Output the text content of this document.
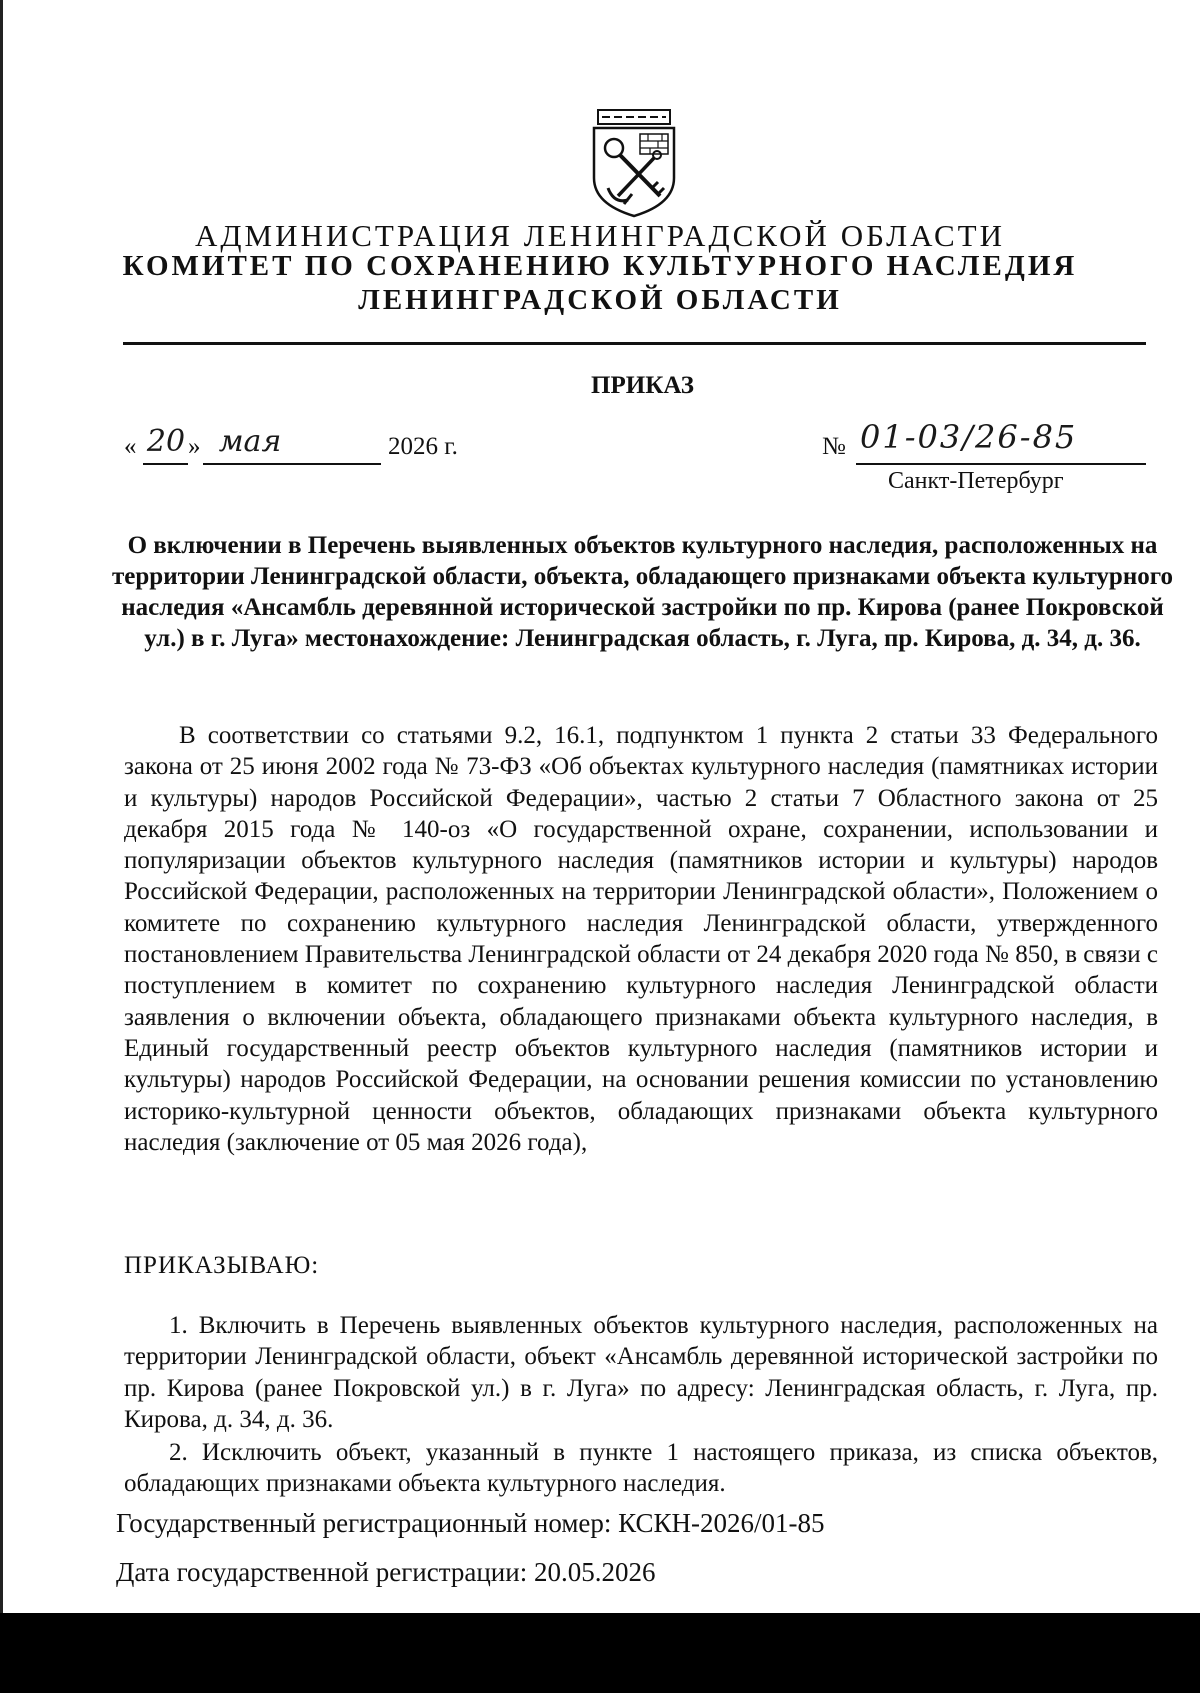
АДМИНИСТРАЦИЯ ЛЕНИНГРАДСКОЙ ОБЛАСТИ
КОМИТЕТ ПО СОХРАНЕНИЮ КУЛЬТУРНОГО НАСЛЕДИЯ
ЛЕНИНГРАДСКОЙ ОБЛАСТИ
ПРИКАЗ
« 20 » мая	2026 г.	№ 01-03/26-85
Санкт-Петербург
О включении в Перечень выявленных объектов культурного наследия, расположенных на территории Ленинградской области, объекта, обладающего признаками объекта культурного наследия «Ансамбль деревянной исторической застройки по пр. Кирова (ранее Покровской ул.) в г. Луга» местонахождение: Ленинградская область, г. Луга, пр. Кирова, д. 34, д. 36.
В соответствии со статьями 9.2, 16.1, подпунктом 1 пункта 2 статьи 33 Федерального закона от 25 июня 2002 года № 73-ФЗ «Об объектах культурного наследия (памятниках истории и культуры) народов Российской Федерации», частью 2 статьи 7 Областного закона от 25 декабря 2015 года № 140-оз «О государственной охране, сохранении, использовании и популяризации объектов культурного наследия (памятников истории и культуры) народов Российской Федерации, расположенных на территории Ленинградской области», Положением о комитете по сохранению культурного наследия Ленинградской области, утвержденного постановлением Правительства Ленинградской области от 24 декабря 2020 года № 850, в связи с поступлением в комитет по сохранению культурного наследия Ленинградской области заявления о включении объекта, обладающего признаками объекта культурного наследия, в Единый государственный реестр объектов культурного наследия (памятников истории и культуры) народов Российской Федерации, на основании решения комиссии по установлению историко-культурной ценности объектов, обладающих признаками объекта культурного наследия (заключение от 05 мая 2026 года),
ПРИКАЗЫВАЮ:

1. Включить в Перечень выявленных объектов культурного наследия, расположенных на территории Ленинградской области, объект «Ансамбль деревянной исторической застройки по пр. Кирова (ранее Покровской ул.) в г. Луга» по адресу: Ленинградская область, г. Луга, пр. Кирова, д. 34, д. 36.

2. Исключить объект, указанный в пункте 1 настоящего приказа, из списка объектов, обладающих признаками объекта культурного наследия.

Государственный регистрационный номер: КСКН-2026/01-85
Дата государственной регистрации: 20.05.2026
